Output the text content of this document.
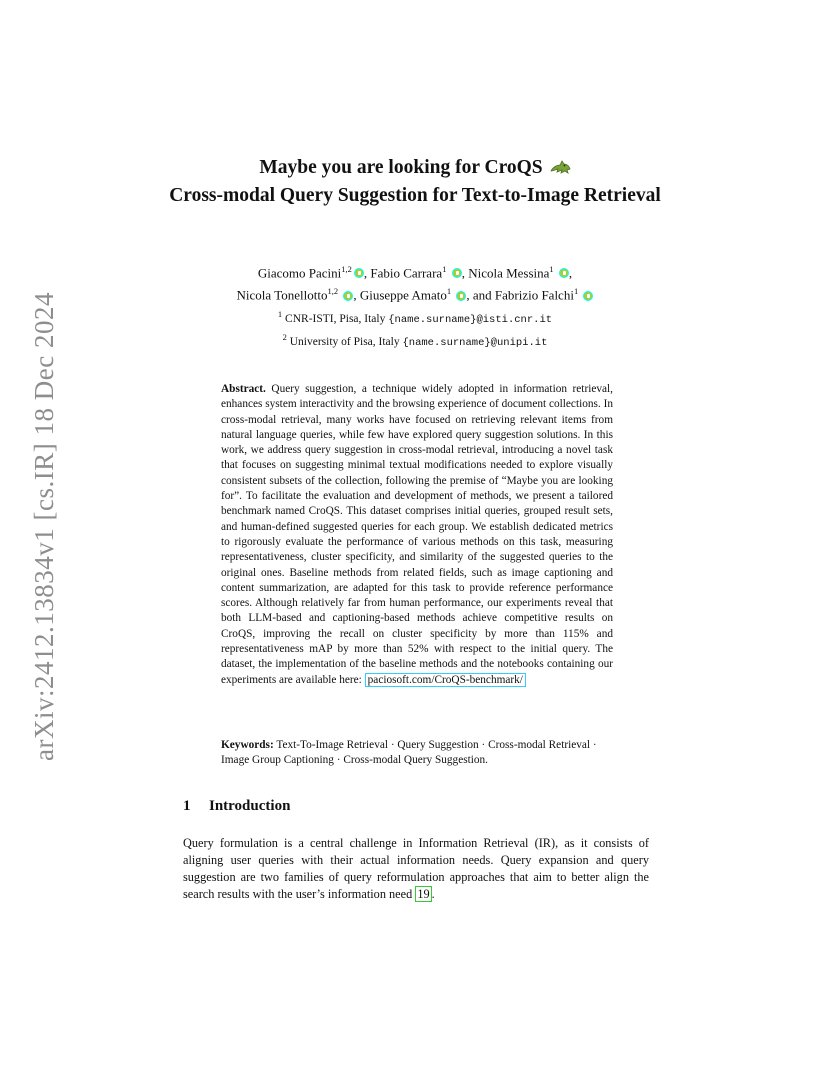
arXiv:2412.13834v1 [cs.IR] 18 Dec 2024
Maybe you are looking for CroQS
Cross-modal Query Suggestion for Text-to-Image Retrieval
Giacomo Pacini$^{1,2}$ , Fabio Carrara$^1$ , Nicola Messina$^1$ ,
Nicola Tonellotto$^{1,2}$ , Giuseppe Amato$^1$ , and Fabrizio Falchi$^1$
$^1$ CNR-ISTI, Pisa, Italy {name.surname}@isti.cnr.it
$^2$ University of Pisa, Italy {name.surname}@unipi.it
Abstract. Query suggestion, a technique widely adopted in information retrieval, enhances system interactivity and the browsing experience of document collections. In cross-modal retrieval, many works have focused on retrieving relevant items from natural language queries, while few have explored query suggestion solutions. In this work, we address query suggestion in cross-modal retrieval, introducing a novel task that focuses on suggesting minimal textual modifications needed to explore visually consistent subsets of the collection, following the premise of “Maybe you are looking for”. To facilitate the evaluation and development of methods, we present a tailored benchmark named CroQS. This dataset comprises initial queries, grouped result sets, and human-defined suggested queries for each group. We establish dedicated metrics to rigorously evaluate the performance of various methods on this task, measuring representativeness, cluster specificity, and similarity of the suggested queries to the original ones. Baseline methods from related fields, such as image captioning and content summarization, are adapted for this task to provide reference performance scores. Although relatively far from human performance, our experiments reveal that both LLM-based and captioning-based methods achieve competitive results on CroQS, improving the recall on cluster specificity by more than 115% and representativeness mAP by more than 52% with respect to the initial query. The dataset, the implementation of the baseline methods and the notebooks containing our experiments are available here: paciosoft.com/CroQS-benchmark/
Keywords: Text-To-Image Retrieval · Query Suggestion · Cross-modal Retrieval · Image Group Captioning · Cross-modal Query Suggestion.
1 Introduction
Query formulation is a central challenge in Information Retrieval (IR), as it consists of aligning user queries with their actual information needs. Query expansion and query suggestion are two families of query reformulation approaches that aim to better align the search results with the user’s information need 19 .
